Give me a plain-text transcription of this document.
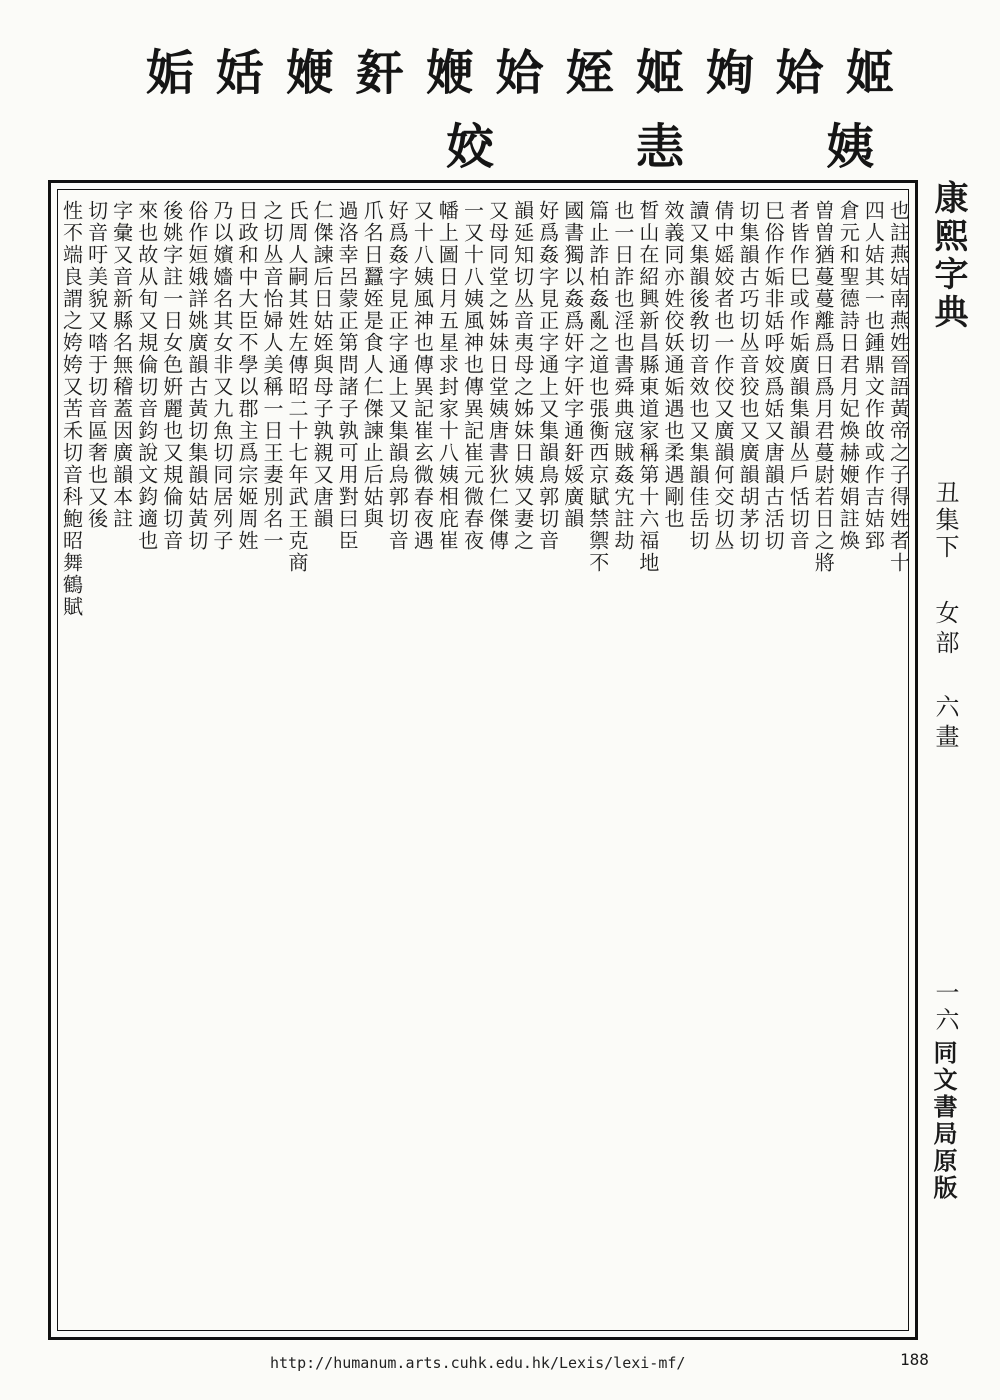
姤 姡 㛹 姧 㛹 姶 姪 姬 姰 姶 姬
姣	恚	姨
也註燕姞南燕姓晉語黃帝之子得姓者十
四人姞其一也鍾鼎文作敀或作吉姞郅
倉元和聖德詩日君月妃煥赫㛹娟註煥
曽曽猶蔓蔓離爲日爲月君蔓㷉若日之將
者皆作巳或作姤廣韻集韻丛戶恬切音
巳俗作姤非姡呼姣爲姡又唐韻古活切
切集韻古巧切丛音狡也又廣韻胡茅切
倩中媱姣者也一作佼又廣韻何交切丛
讀又集韻後敎切音效也又集韻佳岳切
效義同亦姓佼妖通姤遇也柔遇剛也
晳山在紹興新昌縣東道家稱第十六福地
也一日詐也淫也書舜典寇賊姦宄註劫
篇止詐柏姦亂之道也張衡西京賦禁禦不
國書獨以姦爲奸字奸字通姧娞廣韻
好爲姦字見正字通上又集韻鳥郭切音
韻延知切丛音夷母之姊妹日姨又妻之
又母同堂之姊妹日堂姨唐書狄仁傑傳
一又十八姨風神也傳異記崔元微春夜
幡上圖日月五星求封家十八姨相庇崔
又十八姨風神也傳異記崔玄微春夜遇
好爲姦字見正字通上又集韻烏郭切音
爪名日蠶姪是食人仁傑諫止后姑與
過洛幸呂蒙正第問諸子孰可用對曰臣
仁傑諫后日姑姪與母子孰親又唐韻
氏周人嗣其姓左傳昭二十七年武王克商
之切丛音怡婦人美稱一日王妻別名一
日政和中大臣不學以郡主爲宗姬周姓
乃以嬪嬙名其女非又九魚切同居列子
俗作姮娥詳姚廣韻古黃切集韻姑黃切
後姚字註一日女色姸麗也又規倫切音
來也故从旬又規倫切音鈞說文鈞適也
字彙又音新縣名無稽蓋因廣韻本註
切音吁美貌又𠴲于切音區奢也又後
性不端良謂之姱姱又苦禾切音科鮑昭舞鶴賦	康熙字典
丑集下
女部 六畫
一六
同文書局原版
http://humanum.arts.cuhk.edu.hk/Lexis/lexi-mf/	188
